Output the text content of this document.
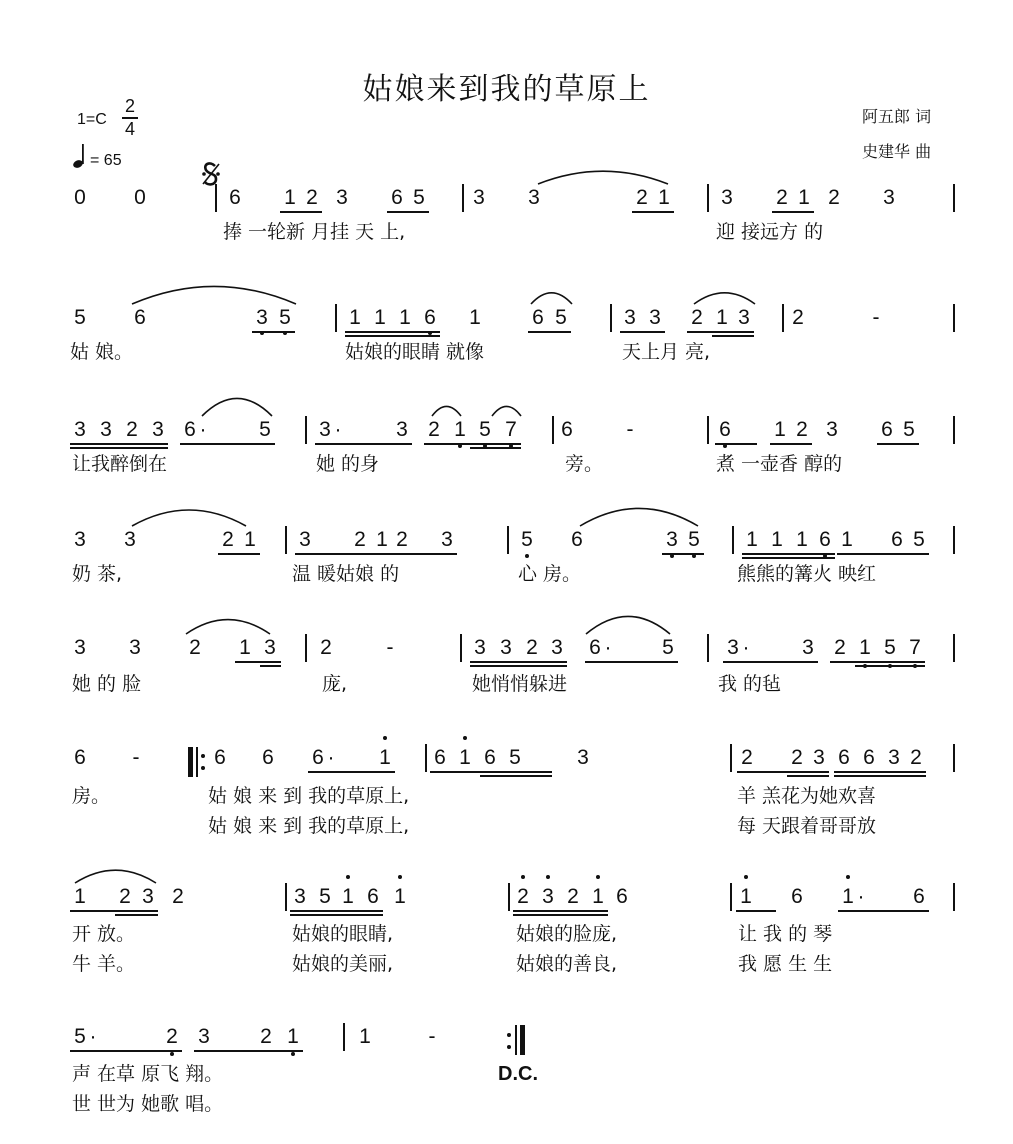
姑娘来到我的草原上
1=C
2
4
= 65
阿五郎 词
史建华 曲
0 0	6 1 2 3 6 5 3 3	2 1 3 2 1 2 3
5 6	3 5	1 1 1 6 1 6 5	3 3 2 1 3 2	-
3 3 2 3 6 ·	5 3 ·	3 2 1 5 7 6	-	6 1 2 3 6 5
3 3	2 1 3 2 1 2 3	5 6	3 5 1 1 1 6 1 6 5
3 3 2 1 3 2	-	3 3 2 3 6 ·	5	3 ·	3 2 1 5 7
6	-	6 6 6 ·	1 6 1 6 5	3	2 2 3 6 6 3 2
1 2 3 2	3 5 1 6 1	2 3 2 1 6	1 6 1 ·	6
5 ·	2 3 2 1	1	-
捧 一轮新 月挂 天 上,	迎 接远方 的
姑 娘。	姑娘的眼睛 就像	天上月 亮,
让我醉倒在	她 的身	旁。	煮 一壶香 醇的
奶 茶,	温 暖姑娘 的	心 房。	熊熊的篝火 映红
她 的 脸	庞,	她悄悄躲进	我 的毡
房。	姑 娘 来 到 我的草原上,	羊 羔花为她欢喜
姑 娘 来 到 我的草原上,	每 天跟着哥哥放
开 放。	姑娘的眼睛,	姑娘的脸庞,	让 我 的 琴
牛 羊。	姑娘的美丽,	姑娘的善良,	我 愿 生 生
声 在草 原飞 翔。
世 世为 她歌 唱。
D.C.
